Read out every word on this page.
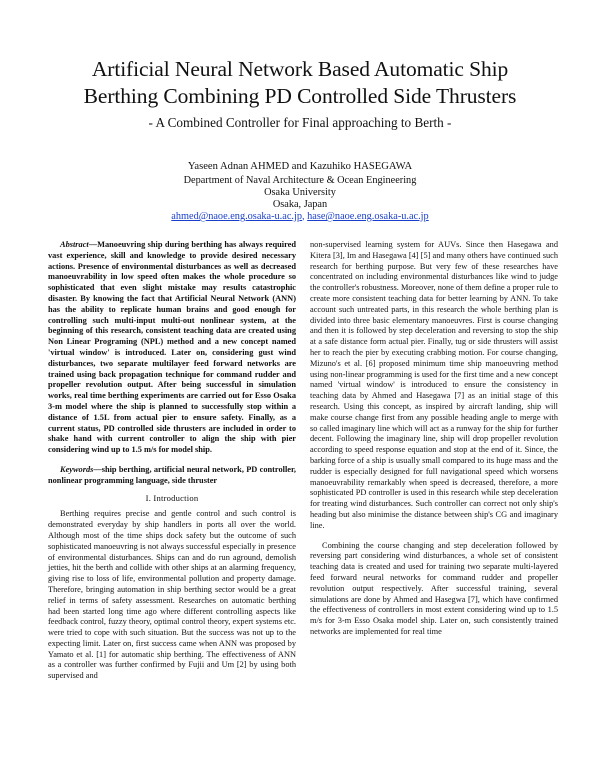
Artificial Neural Network Based Automatic Ship
Berthing Combining PD Controlled Side Thrusters
- A Combined Controller for Final approaching to Berth -
Yaseen Adnan AHMED and Kazuhiko HASEGAWA
Department of Naval Architecture & Ocean Engineering
Osaka University
Osaka, Japan
ahmed@naoe.eng.osaka-u.ac.jp, hase@naoe.eng.osaka-u.ac.jp

Abstract—Manoeuvring ship during berthing has always required vast experience, skill and knowledge to provide desired necessary actions. Presence of environmental disturbances as well as decreased manoeuvrability in low speed often makes the whole procedure so sophisticated that even slight mistake may results catastrophic disaster. By knowing the fact that Artificial Neural Network (ANN) has the ability to replicate human brains and good enough for controlling such multi-input multi-out nonlinear system, at the beginning of this research, consistent teaching data are created using Non Linear Programing (NPL) method and a new concept named 'virtual window' is introduced. Later on, considering gust wind disturbances, two separate multilayer feed forward networks are trained using back propagation technique for command rudder and propeller revolution output. After being successful in simulation works, real time berthing experiments are carried out for Esso Osaka 3-m model where the ship is planned to successfully stop within a distance of 1.5L from actual pier to ensure safety. Finally, as a current status, PD controlled side thrusters are included in order to shake hand with current controller to align the ship with pier considering wind up to 1.5 m/s for model ship.

Keywords—ship berthing, artificial neural network, PD controller, nonlinear programming language, side thruster

I. Introduction

Berthing requires precise and gentle control and such control is demonstrated everyday by ship handlers in ports all over the world. Although most of the time ships dock safety but the outcome of such sophisticated manoeuvring is not always successful especially in presence of environmental disturbances. Ships can and do run aground, demolish jetties, hit the berth and collide with other ships at an alarming frequency, giving rise to loss of life, environmental pollution and property damage. Therefore, bringing automation in ship berthing sector would be a great relief in terms of safety assessment. Researches on automatic berthing had been started long time ago where different controlling aspects like feedback control, fuzzy theory, optimal control theory, expert systems etc. were tried to cope with such situation. But the success was not up to the expecting limit. Later on, first success came when ANN was proposed by Yamato et al. [1] for automatic ship berthing. The effectiveness of ANN as a controller was further confirmed by Fujii and Um [2] by using both supervised and

non-supervised learning system for AUVs. Since then Hasegawa and Kitera [3], Im and Hasegawa [4] [5] and many others have continued such research for berthing purpose. But very few of these researches have concentrated on including environmental disturbances like wind to judge the controller's robustness. Moreover, none of them define a proper rule to create more consistent teaching data for better learning by ANN. To take account such untreated parts, in this research the whole berthing plan is divided into three basic elementary manoeuvres. First is course changing and then it is followed by step deceleration and reversing to stop the ship at a safe distance form actual pier. Finally, tug or side thrusters will assist her to reach the pier by executing crabbing motion. For course changing, Mizuno's et al. [6] proposed minimum time ship manoeuvring method using non-linear programming is used for the first time and a new concept named 'virtual window' is introduced to ensure the consistency in teaching data by Ahmed and Hasegawa [7] as an initial stage of this research. Using this concept, as inspired by aircraft landing, ship will make course change first from any possible heading angle to merge with so called imaginary line which will act as a runway for the ship for further decent. Following the imaginary line, ship will drop propeller revolution according to speed response equation and stop at the end of it. Since, the barking force of a ship is usually small compared to its huge mass and the rudder is especially designed for full navigational speed which worsens manoeuvrability remarkably when speed is decreased, therefore, a more sophisticated PD controller is used in this research while step deceleration for treating wind disturbances. Such controller can correct not only ship's heading but also minimise the distance between ship's CG and imaginary line.

Combining the course changing and step deceleration followed by reversing part considering wind disturbances, a whole set of consistent teaching data is created and used for training two separate multi-layered feed forward neural networks for command rudder and propeller revolution output respectively. After successful training, several simulations are done by Ahmed and Hasegwa [7], which have confirmed the effectiveness of controllers in most extent considering wind up to 1.5 m/s for 3-m Esso Osaka model ship. Later on, such consistently trained networks are implemented for real time
